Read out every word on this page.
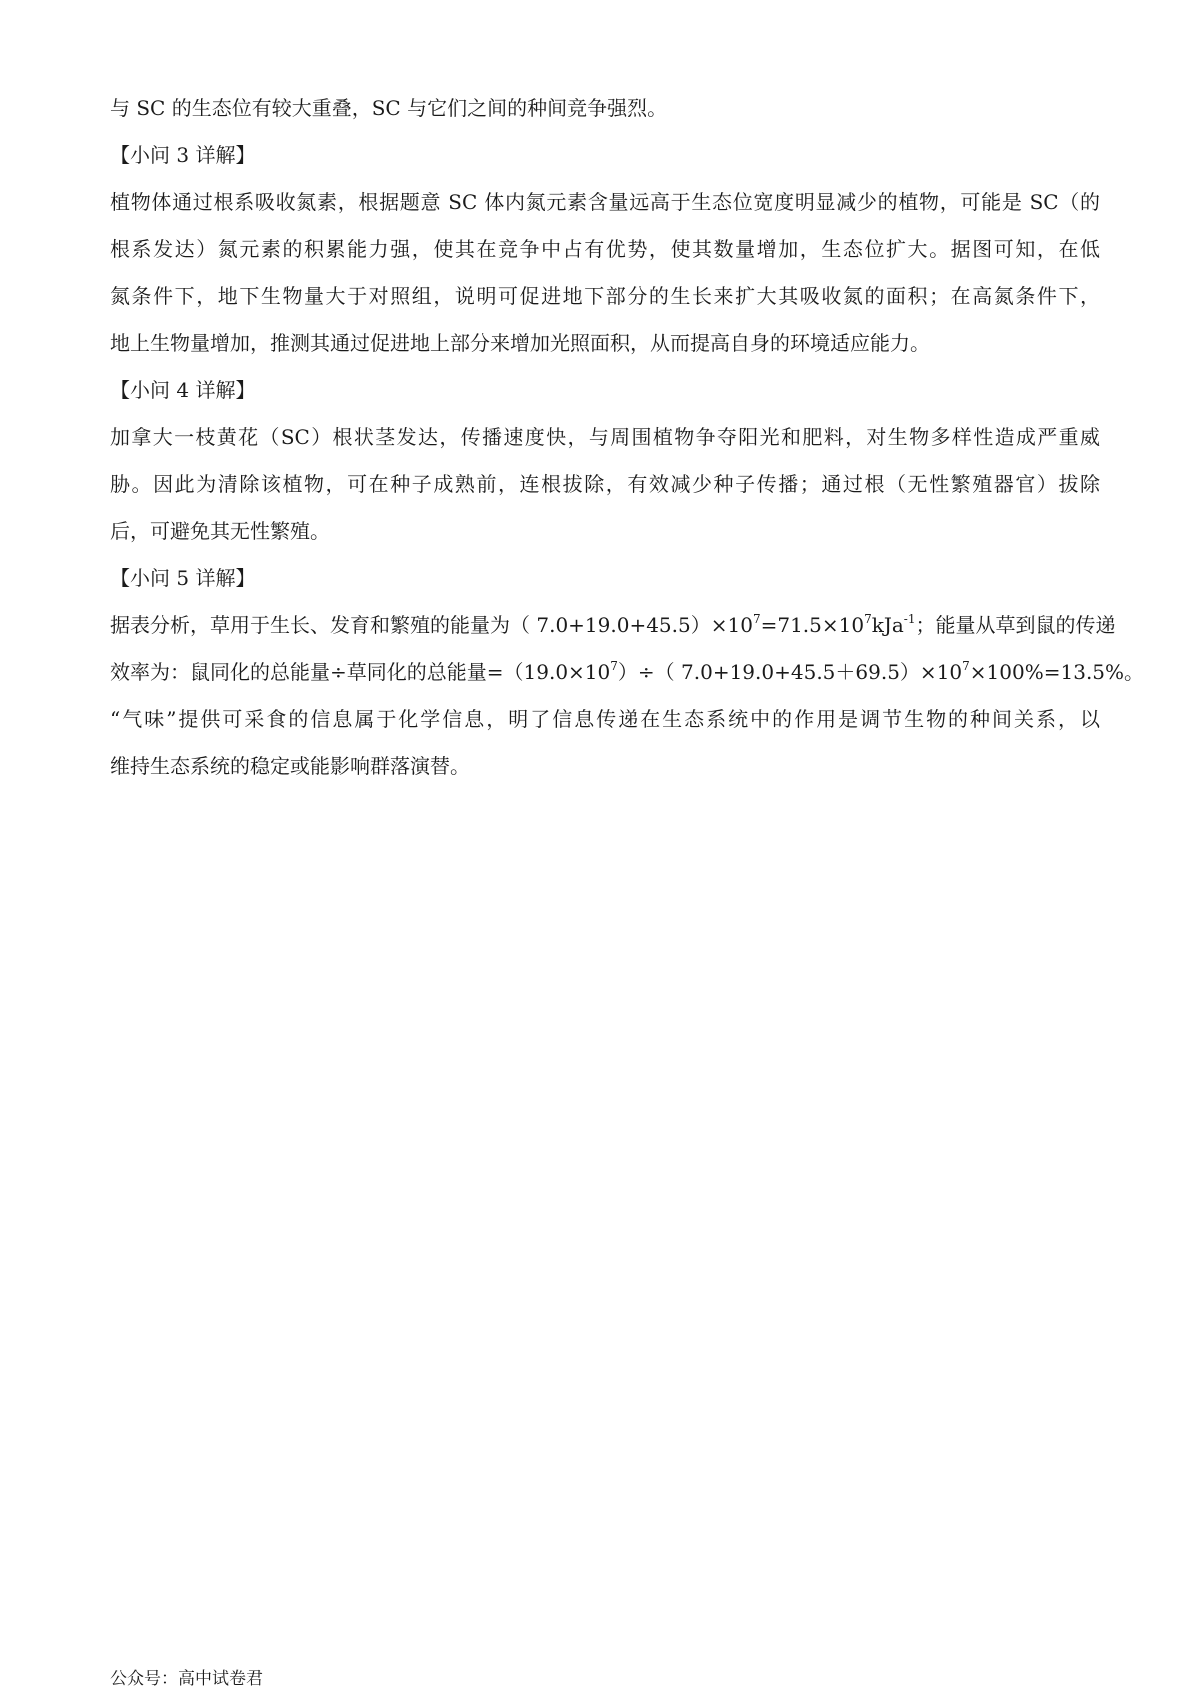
与 SC 的生态位有较大重叠，SC 与它们之间的种间竞争强烈。

【小问 3 详解】

植物体通过根系吸收氮素，根据题意 SC 体内氮元素含量远高于生态位宽度明显减少的植物，可能是 SC（的

根系发达）氮元素的积累能力强，使其在竞争中占有优势，使其数量增加，生态位扩大。据图可知，在低

氮条件下，地下生物量大于对照组，说明可促进地下部分的生长来扩大其吸收氮的面积；在高氮条件下，

地上生物量增加，推测其通过促进地上部分来增加光照面积，从而提高自身的环境适应能力。

【小问 4 详解】

加拿大一枝黄花（SC）根状茎发达，传播速度快，与周围植物争夺阳光和肥料，对生物多样性造成严重威

胁。因此为清除该植物，可在种子成熟前，连根拔除，有效减少种子传播；通过根（无性繁殖器官）拔除

后，可避免其无性繁殖。

【小问 5 详解】

据表分析，草用于生长、发育和繁殖的能量为（ $7.0+19.0+45.5)\times 10^7=71.5\times 10^7kJa^{-1}$；能量从草到鼠的传递

效率为：鼠同化的总能量÷草同化的总能量$=(19.0\times 10^7)\div$（ $7.0+19.0+45.5+69.5)\times 10^7\times 100\%=13.5\%$。

“气味”提供可采食的信息属于化学信息，明了信息传递在生态系统中的作用是调节生物的种间关系，以

维持生态系统的稳定或能影响群落演替。

公众号：高中试卷君
